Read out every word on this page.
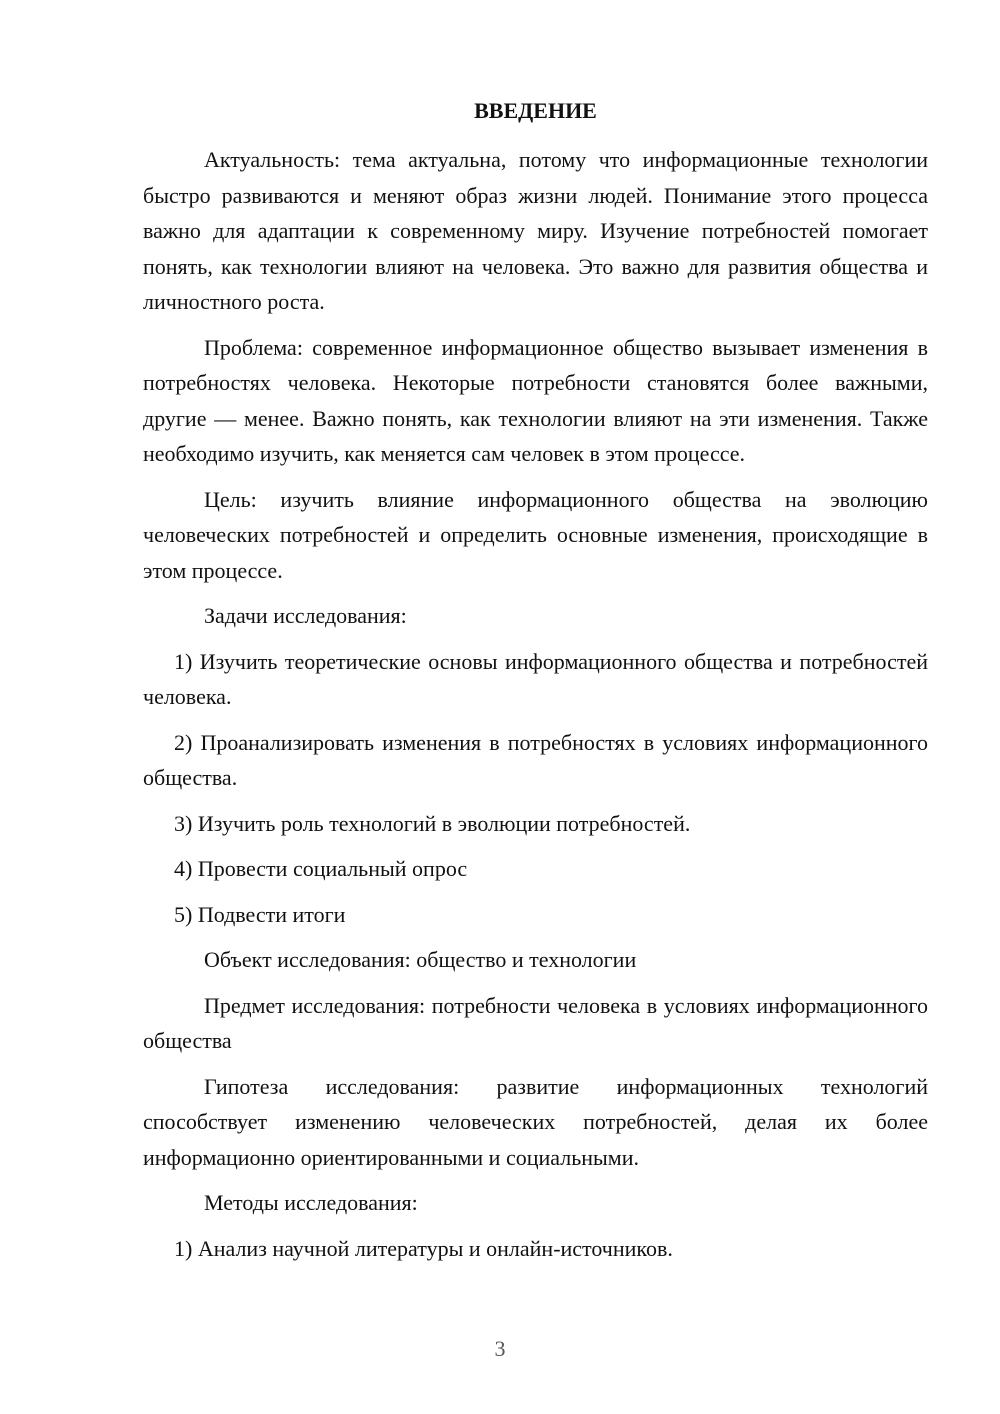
ВВЕДЕНИЕ

Актуальность: тема актуальна, потому что информационные технологии быстро развиваются и меняют образ жизни людей. Понимание этого процесса важно для адаптации к современному миру. Изучение потребностей помогает понять, как технологии влияют на человека. Это важно для развития общества и личностного роста.

Проблема: современное информационное общество вызывает изменения в потребностях человека. Некоторые потребности становятся более важными, другие — менее. Важно понять, как технологии влияют на эти изменения. Также необходимо изучить, как меняется сам человек в этом процессе.

Цель: изучить влияние информационного общества на эволюцию человеческих потребностей и определить основные изменения, происходящие в этом процессе.

Задачи исследования:

1) Изучить теоретические основы информационного общества и потребностей человека.

2) Проанализировать изменения в потребностях в условиях информационного общества.

3) Изучить роль технологий в эволюции потребностей.

4) Провести социальный опрос

5) Подвести итоги

Объект исследования: общество и технологии

Предмет исследования: потребности человека в условиях информационного общества

Гипотеза исследования: развитие информационных технологий способствует изменению человеческих потребностей, делая их более информационно ориентированными и социальными.

Методы исследования:

1) Анализ научной литературы и онлайн-источников.

3
